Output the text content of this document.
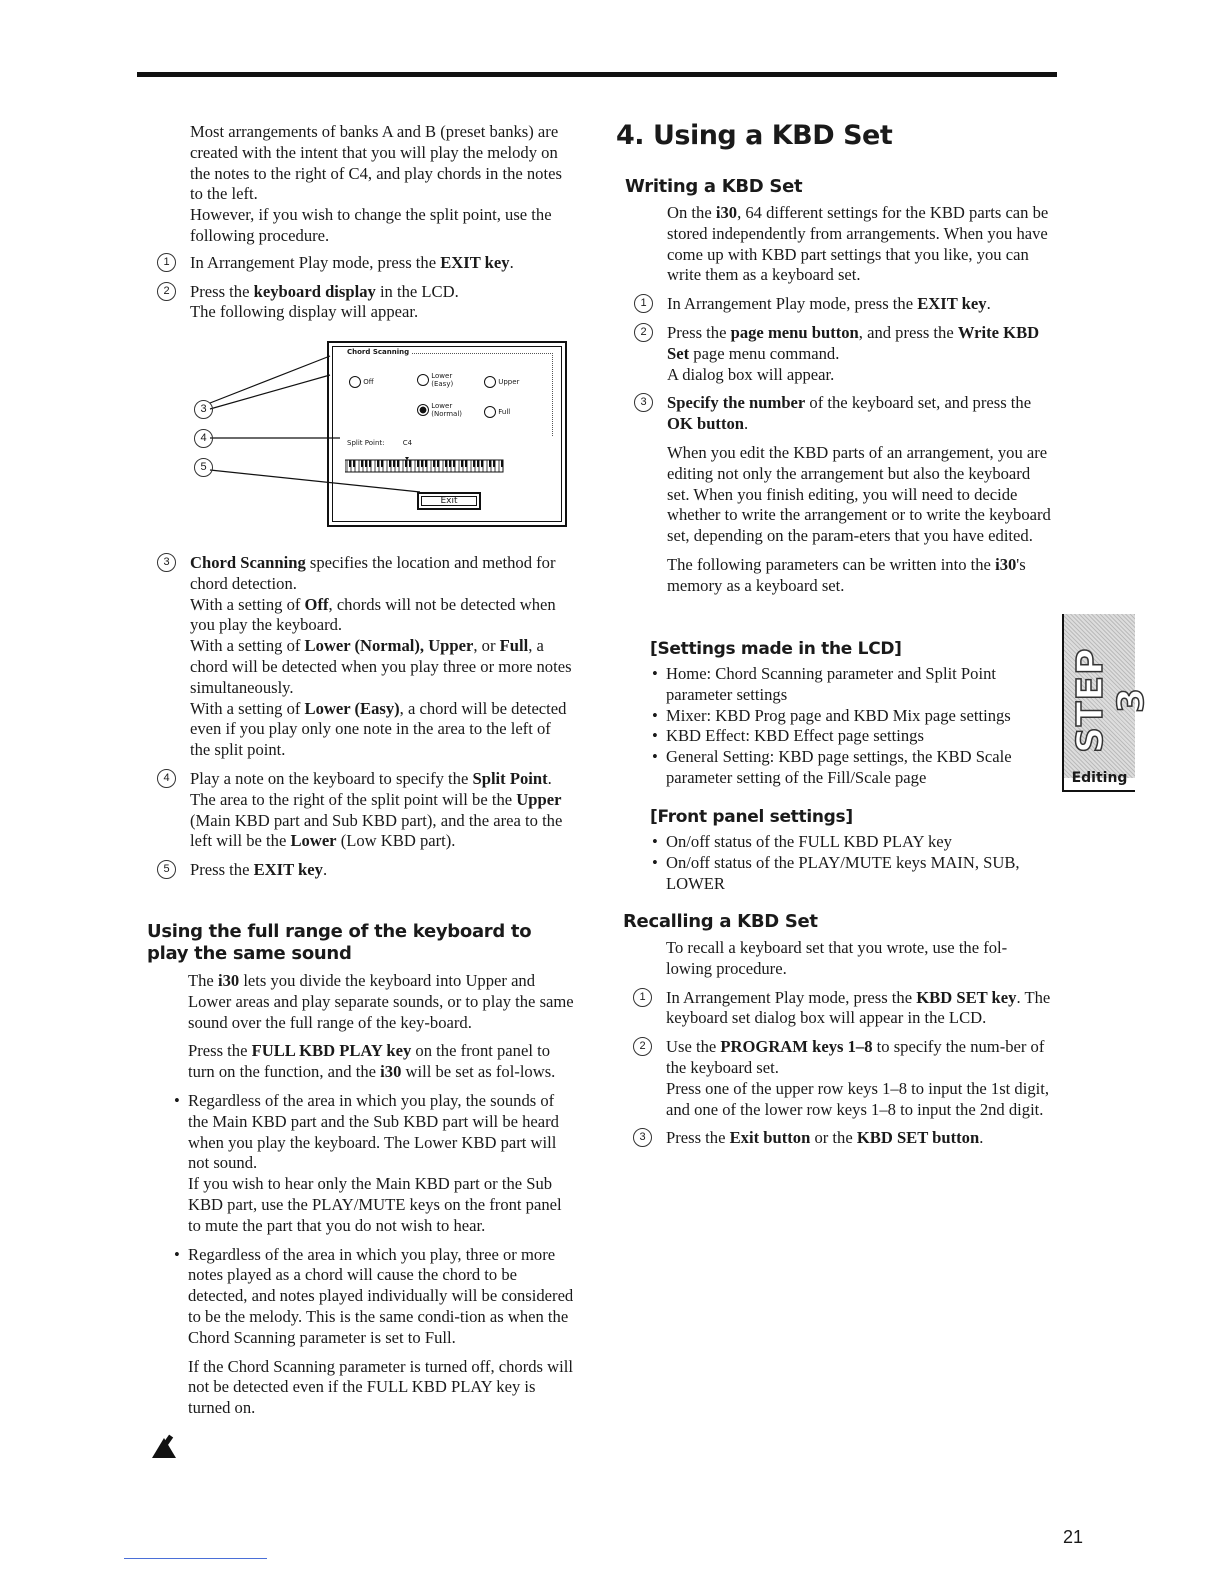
Most arrangements of banks A and B (preset banks) are created with the intent that you will play the melody on the notes to the right of C4, and play chords in the notes to the left.

However, if you wish to change the split point, use the following procedure.

1	In Arrangement Play mode, press the EXIT key.
2	Press the keyboard display in the LCD.
The following display will appear.
Chord Scanning
Off
Lower (Easy)	Upper
Lower (Normal)	Full
Split Point:	C4
Exit
3
4
5
3	Chord Scanning specifies the location and method for chord detection.
With a setting of Off, chords will not be detected when you play the keyboard.
With a setting of Lower (Normal), Upper, or Full, a chord will be detected when you play three or more notes simultaneously.
With a setting of Lower (Easy), a chord will be detected even if you play only one note in the area to the left of the split point.
4	Play a note on the keyboard to specify the Split Point.
The area to the right of the split point will be the Upper (Main KBD part and Sub KBD part), and the area to the left will be the Lower (Low KBD part).
5	Press the EXIT key.
Using the full range of the keyboard to play the same sound

The i30 lets you divide the keyboard into Upper and Lower areas and play separate sounds, or to play the same sound over the full range of the key-board.

Press the FULL KBD PLAY key on the front panel to turn on the function, and the i30 will be set as fol-lows.

• Regardless of the area in which you play, the sounds of the Main KBD part and the Sub KBD part will be heard when you play the keyboard. The Lower KBD part will not sound.
If you wish to hear only the Main KBD part or the Sub KBD part, use the PLAY/MUTE keys on the front panel to mute the part that you do not wish to hear.

• Regardless of the area in which you play, three or more notes played as a chord will cause the chord to be detected, and notes played individually will be considered to be the melody. This is the same condi-tion as when the Chord Scanning parameter is set to Full.

If the Chord Scanning parameter is turned off, chords will not be detected even if the FULL KBD PLAY key is turned on.

4. Using a KBD Set
Writing a KBD Set

On the i30, 64 different settings for the KBD parts can be stored independently from arrangements. When you have come up with KBD part settings that you like, you can write them as a keyboard set.

1	In Arrangement Play mode, press the EXIT key.
2	Press the page menu button, and press the Write KBD Set page menu command.
A dialog box will appear.
3	Specify the number of the keyboard set, and press the OK button.

When you edit the KBD parts of an arrangement, you are editing not only the arrangement but also the keyboard set. When you finish editing, you will need to decide whether to write the arrangement or to write the keyboard set, depending on the param-eters that you have edited.

The following parameters can be written into the i30's memory as a keyboard set.

[Settings made in the LCD]

• Home: Chord Scanning parameter and Split Point parameter settings

• Mixer: KBD Prog page and KBD Mix page settings

• KBD Effect: KBD Effect page settings

• General Setting: KBD page settings, the KBD Scale parameter setting of the Fill/Scale page

[Front panel settings]

• On/off status of the FULL KBD PLAY key

• On/off status of the PLAY/MUTE keys MAIN, SUB, LOWER

Recalling a KBD Set

To recall a keyboard set that you wrote, use the fol-lowing procedure.

1	In Arrangement Play mode, press the KBD SET key. The keyboard set dialog box will appear in the LCD.
2	Use the PROGRAM keys 1–8 to specify the num-ber of the keyboard set.
Press one of the upper row keys 1–8 to input the 1st digit, and one of the lower row keys 1–8 to input the 2nd digit.
3	Press the Exit button or the KBD SET button.
STEP 3
Editing
21
